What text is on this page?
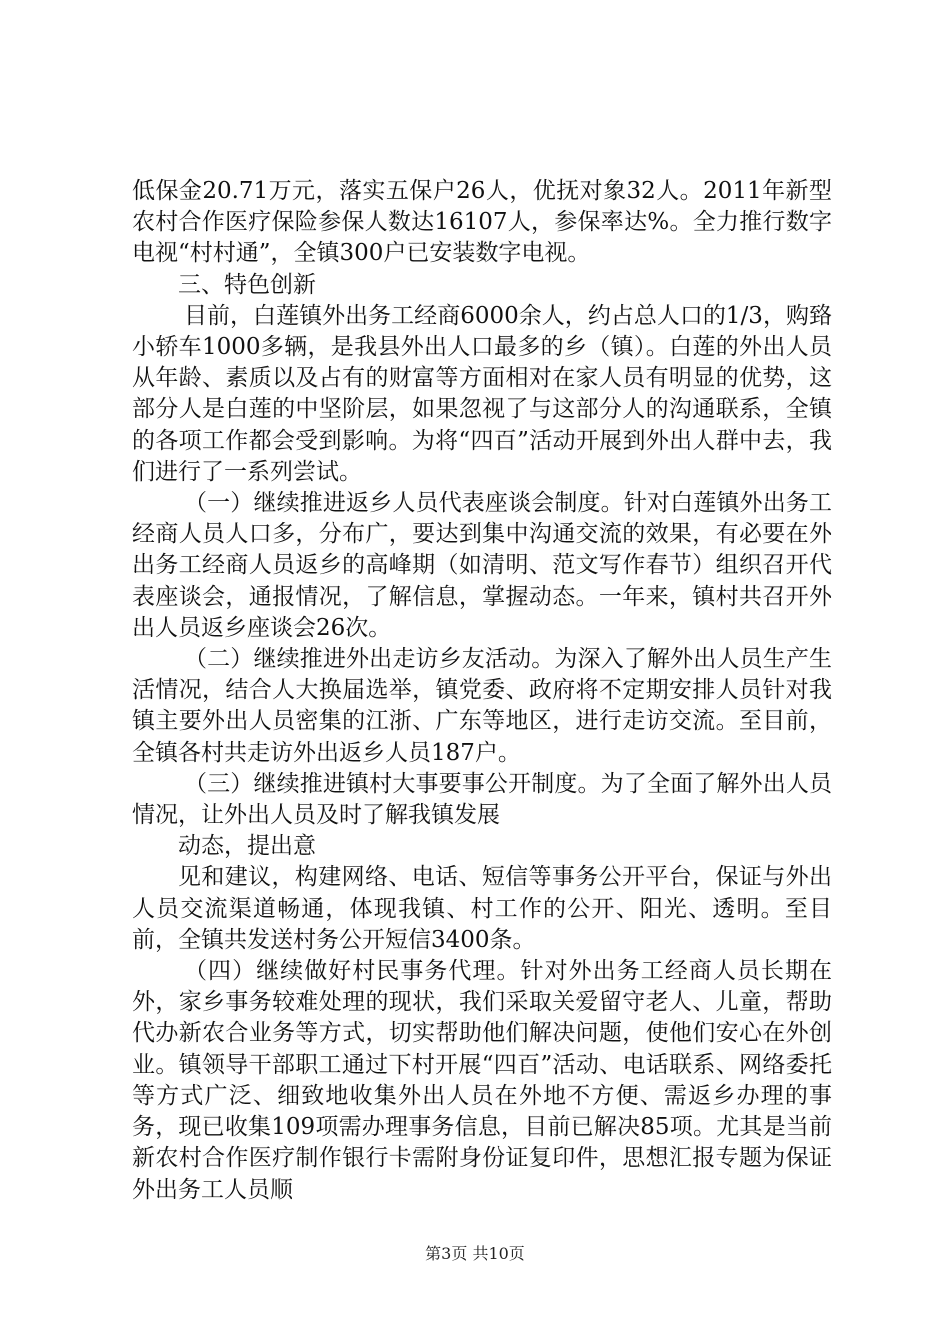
低保金20.71万元，落实五保户26人，优抚对象32人。2011年新型农村合作医疗保险参保人数达16107人，参保率达%。全力推行数字电视“村村通”，全镇300户已安装数字电视。

三、特色创新

目前，白莲镇外出务工经商6000余人，约占总人口的1/3，购臵小轿车1000多辆，是我县外出人口最多的乡（镇）。白莲的外出人员从年龄、素质以及占有的财富等方面相对在家人员有明显的优势，这部分人是白莲的中坚阶层，如果忽视了与这部分人的沟通联系，全镇的各项工作都会受到影响。为将“四百”活动开展到外出人群中去，我们进行了一系列尝试。

（一）继续推进返乡人员代表座谈会制度。针对白莲镇外出务工经商人员人口多，分布广，要达到集中沟通交流的效果，有必要在外出务工经商人员返乡的高峰期（如清明、范文写作春节）组织召开代表座谈会，通报情况，了解信息，掌握动态。一年来，镇村共召开外出人员返乡座谈会26次。

（二）继续推进外出走访乡友活动。为深入了解外出人员生产生活情况，结合人大换届选举，镇党委、政府将不定期安排人员针对我镇主要外出人员密集的江浙、广东等地区，进行走访交流。至目前，全镇各村共走访外出返乡人员187户。

（三）继续推进镇村大事要事公开制度。为了全面了解外出人员情况，让外出人员及时了解我镇发展

动态，提出意

见和建议，构建网络、电话、短信等事务公开平台，保证与外出人员交流渠道畅通，体现我镇、村工作的公开、阳光、透明。至目前，全镇共发送村务公开短信3400条。

（四）继续做好村民事务代理。针对外出务工经商人员长期在外，家乡事务较难处理的现状，我们采取关爱留守老人、儿童，帮助代办新农合业务等方式，切实帮助他们解决问题，使他们安心在外创业。镇领导干部职工通过下村开展“四百”活动、电话联系、网络委托等方式广泛、细致地收集外出人员在外地不方便、需返乡办理的事务，现已收集109项需办理事务信息，目前已解决85项。尤其是当前新农村合作医疗制作银行卡需附身份证复印件，思想汇报专题为保证外出务工人员顺

第3页 共10页
